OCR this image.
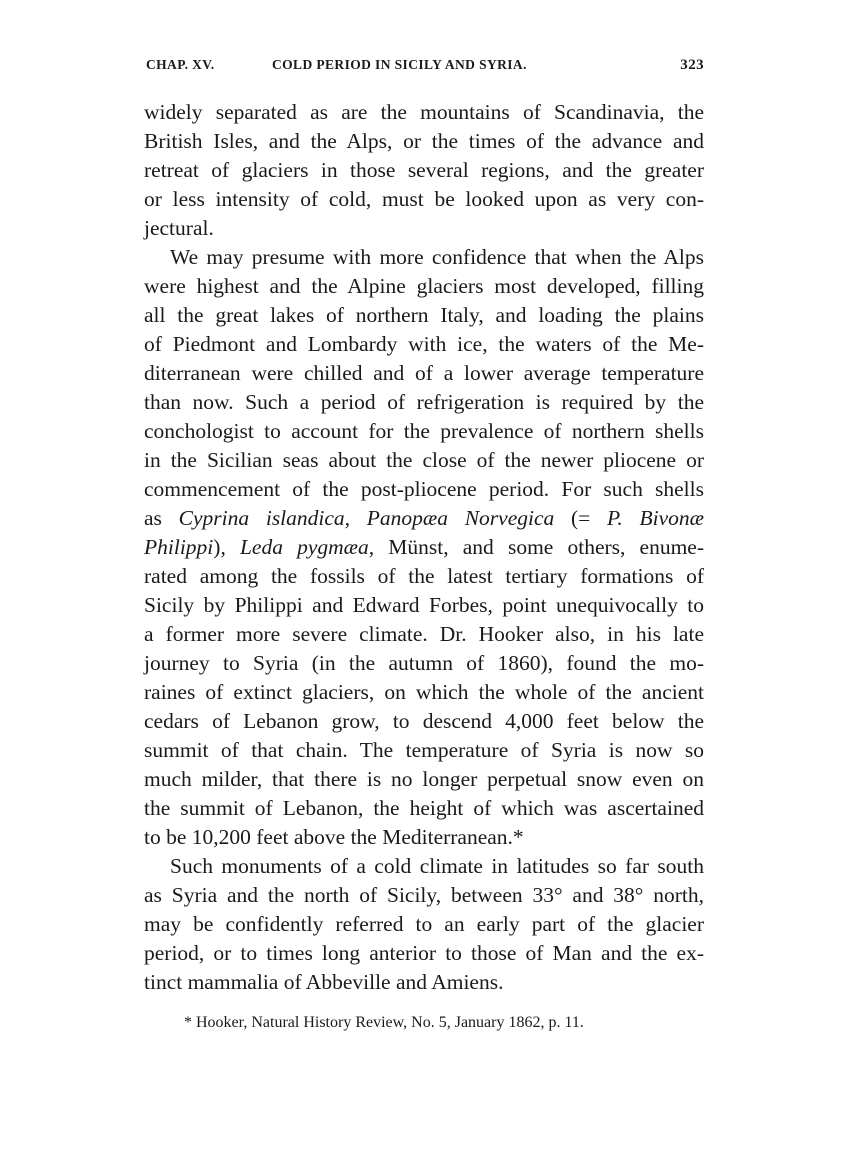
CHAP. XV.	COLD PERIOD IN SICILY AND SYRIA.	323
widely separated as are the mountains of Scandinavia, the
British Isles, and the Alps, or the times of the advance and
retreat of glaciers in those several regions, and the greater
or less intensity of cold, must be looked upon as very con-
jectural.
We may presume with more confidence that when the Alps
were highest and the Alpine glaciers most developed, filling
all the great lakes of northern Italy, and loading the plains
of Piedmont and Lombardy with ice, the waters of the Me-
diterranean were chilled and of a lower average temperature
than now. Such a period of refrigeration is required by the
conchologist to account for the prevalence of northern shells
in the Sicilian seas about the close of the newer pliocene or
commencement of the post-pliocene period. For such shells
as Cyprina islandica, Panopæa Norvegica (= P. Bivonæ
Philippi), Leda pygmæa, Münst, and some others, enume-
rated among the fossils of the latest tertiary formations of
Sicily by Philippi and Edward Forbes, point unequivocally to
a former more severe climate. Dr. Hooker also, in his late
journey to Syria (in the autumn of 1860), found the mo-
raines of extinct glaciers, on which the whole of the ancient
cedars of Lebanon grow, to descend 4,000 feet below the
summit of that chain. The temperature of Syria is now so
much milder, that there is no longer perpetual snow even on
the summit of Lebanon, the height of which was ascertained
to be 10,200 feet above the Mediterranean.*
Such monuments of a cold climate in latitudes so far south
as Syria and the north of Sicily, between 33° and 38° north,
may be confidently referred to an early part of the glacier
period, or to times long anterior to those of Man and the ex-
tinct mammalia of Abbeville and Amiens.
* Hooker, Natural History Review, No. 5, January 1862, p. 11.
